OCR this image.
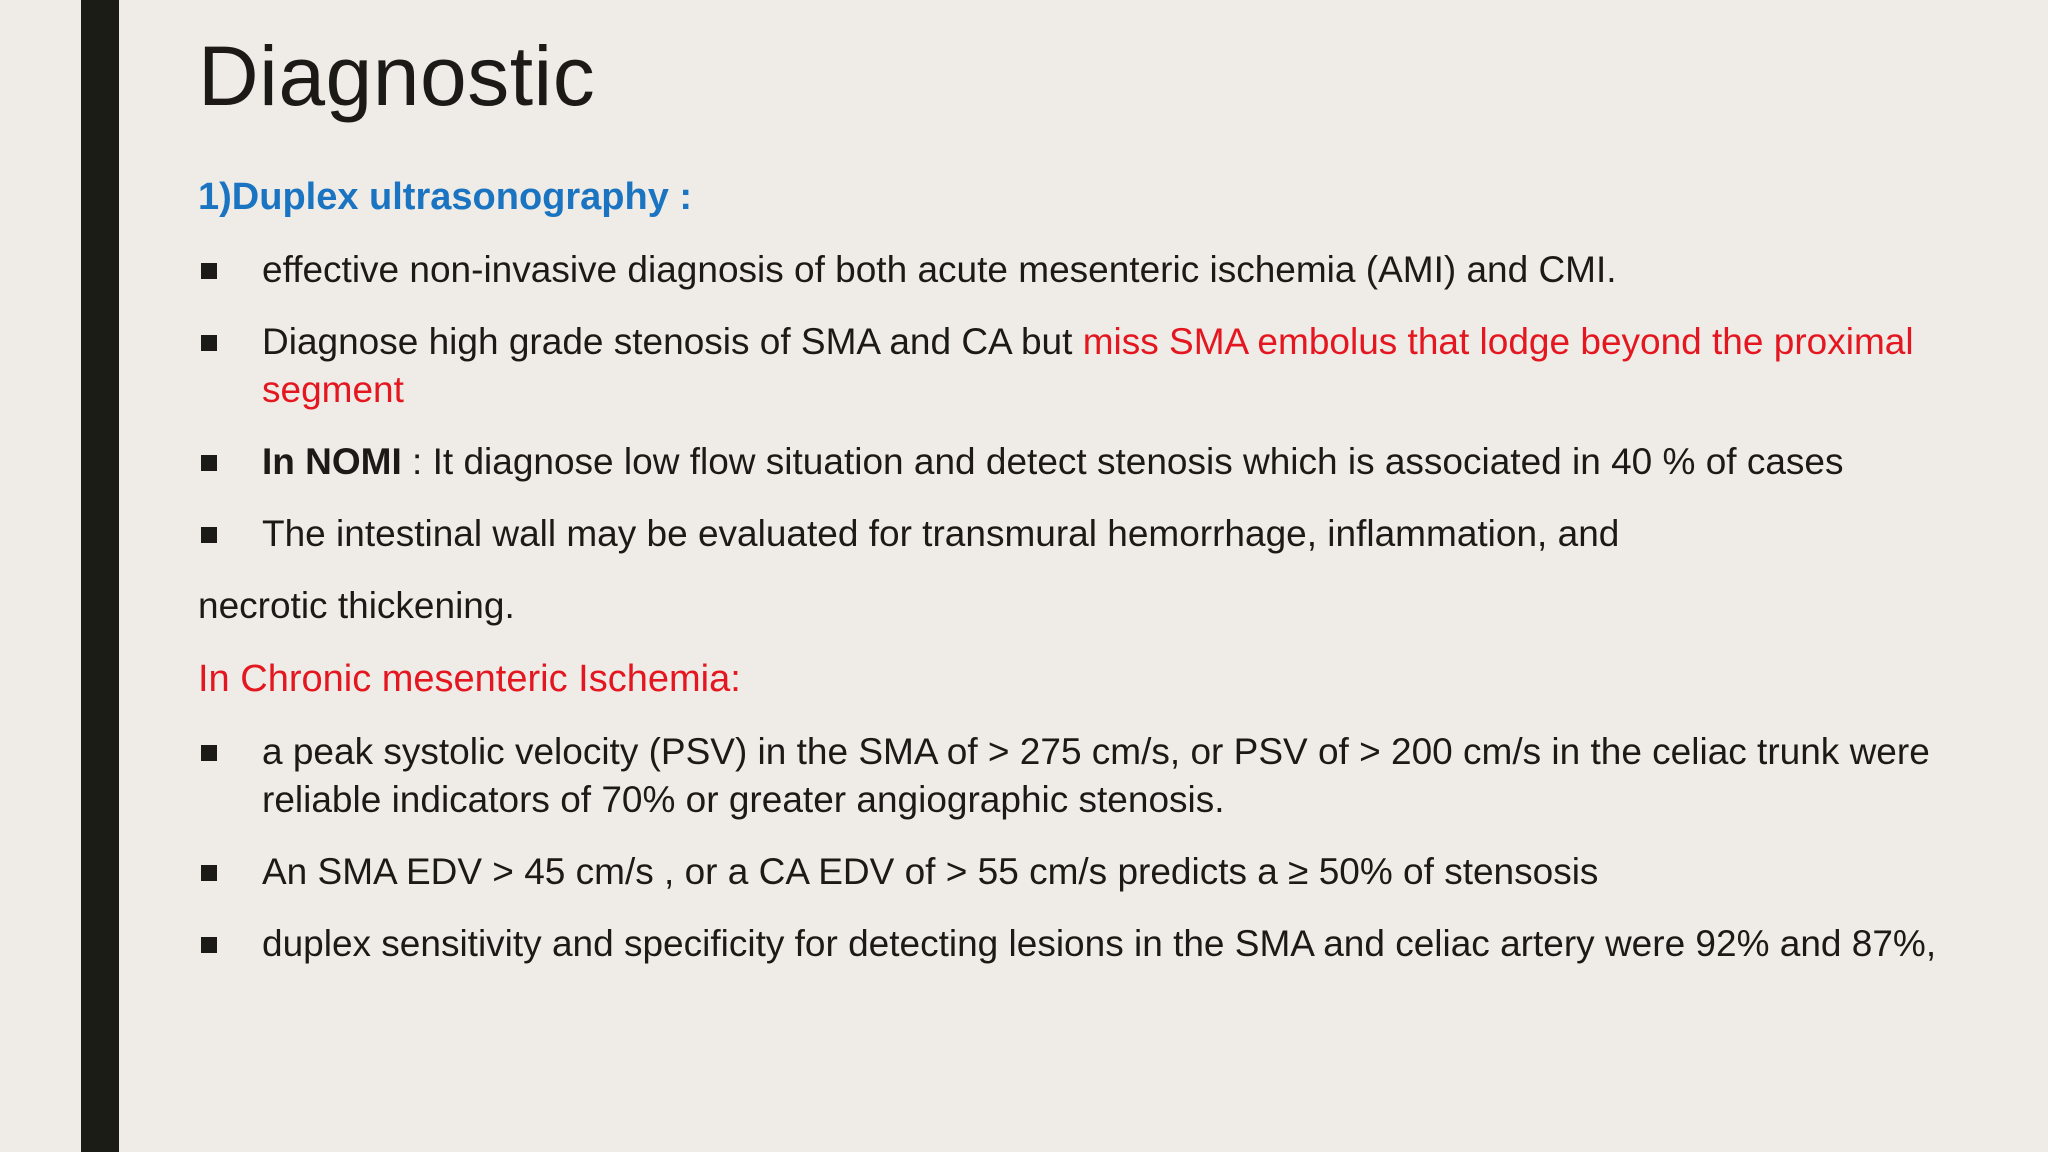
Diagnostic
1)Duplex ultrasonography :
effective non-invasive diagnosis of both acute mesenteric ischemia (AMI) and CMI.
Diagnose high grade stenosis of SMA and CA but miss SMA embolus that lodge beyond the proximal segment
In NOMI : It diagnose low flow situation and detect stenosis which is associated in 40 % of cases
The intestinal wall may be evaluated for transmural hemorrhage, inflammation, and
necrotic thickening.
In Chronic mesenteric Ischemia:
a peak systolic velocity (PSV) in the SMA of > 275 cm/s, or PSV of > 200 cm/s in the celiac trunk were reliable indicators of 70% or greater angiographic stenosis.
An SMA EDV > 45 cm/s , or a CA EDV of > 55 cm/s predicts a ≥ 50% of stensosis
duplex sensitivity and specificity for detecting lesions in the SMA and celiac artery were 92% and 87%,
